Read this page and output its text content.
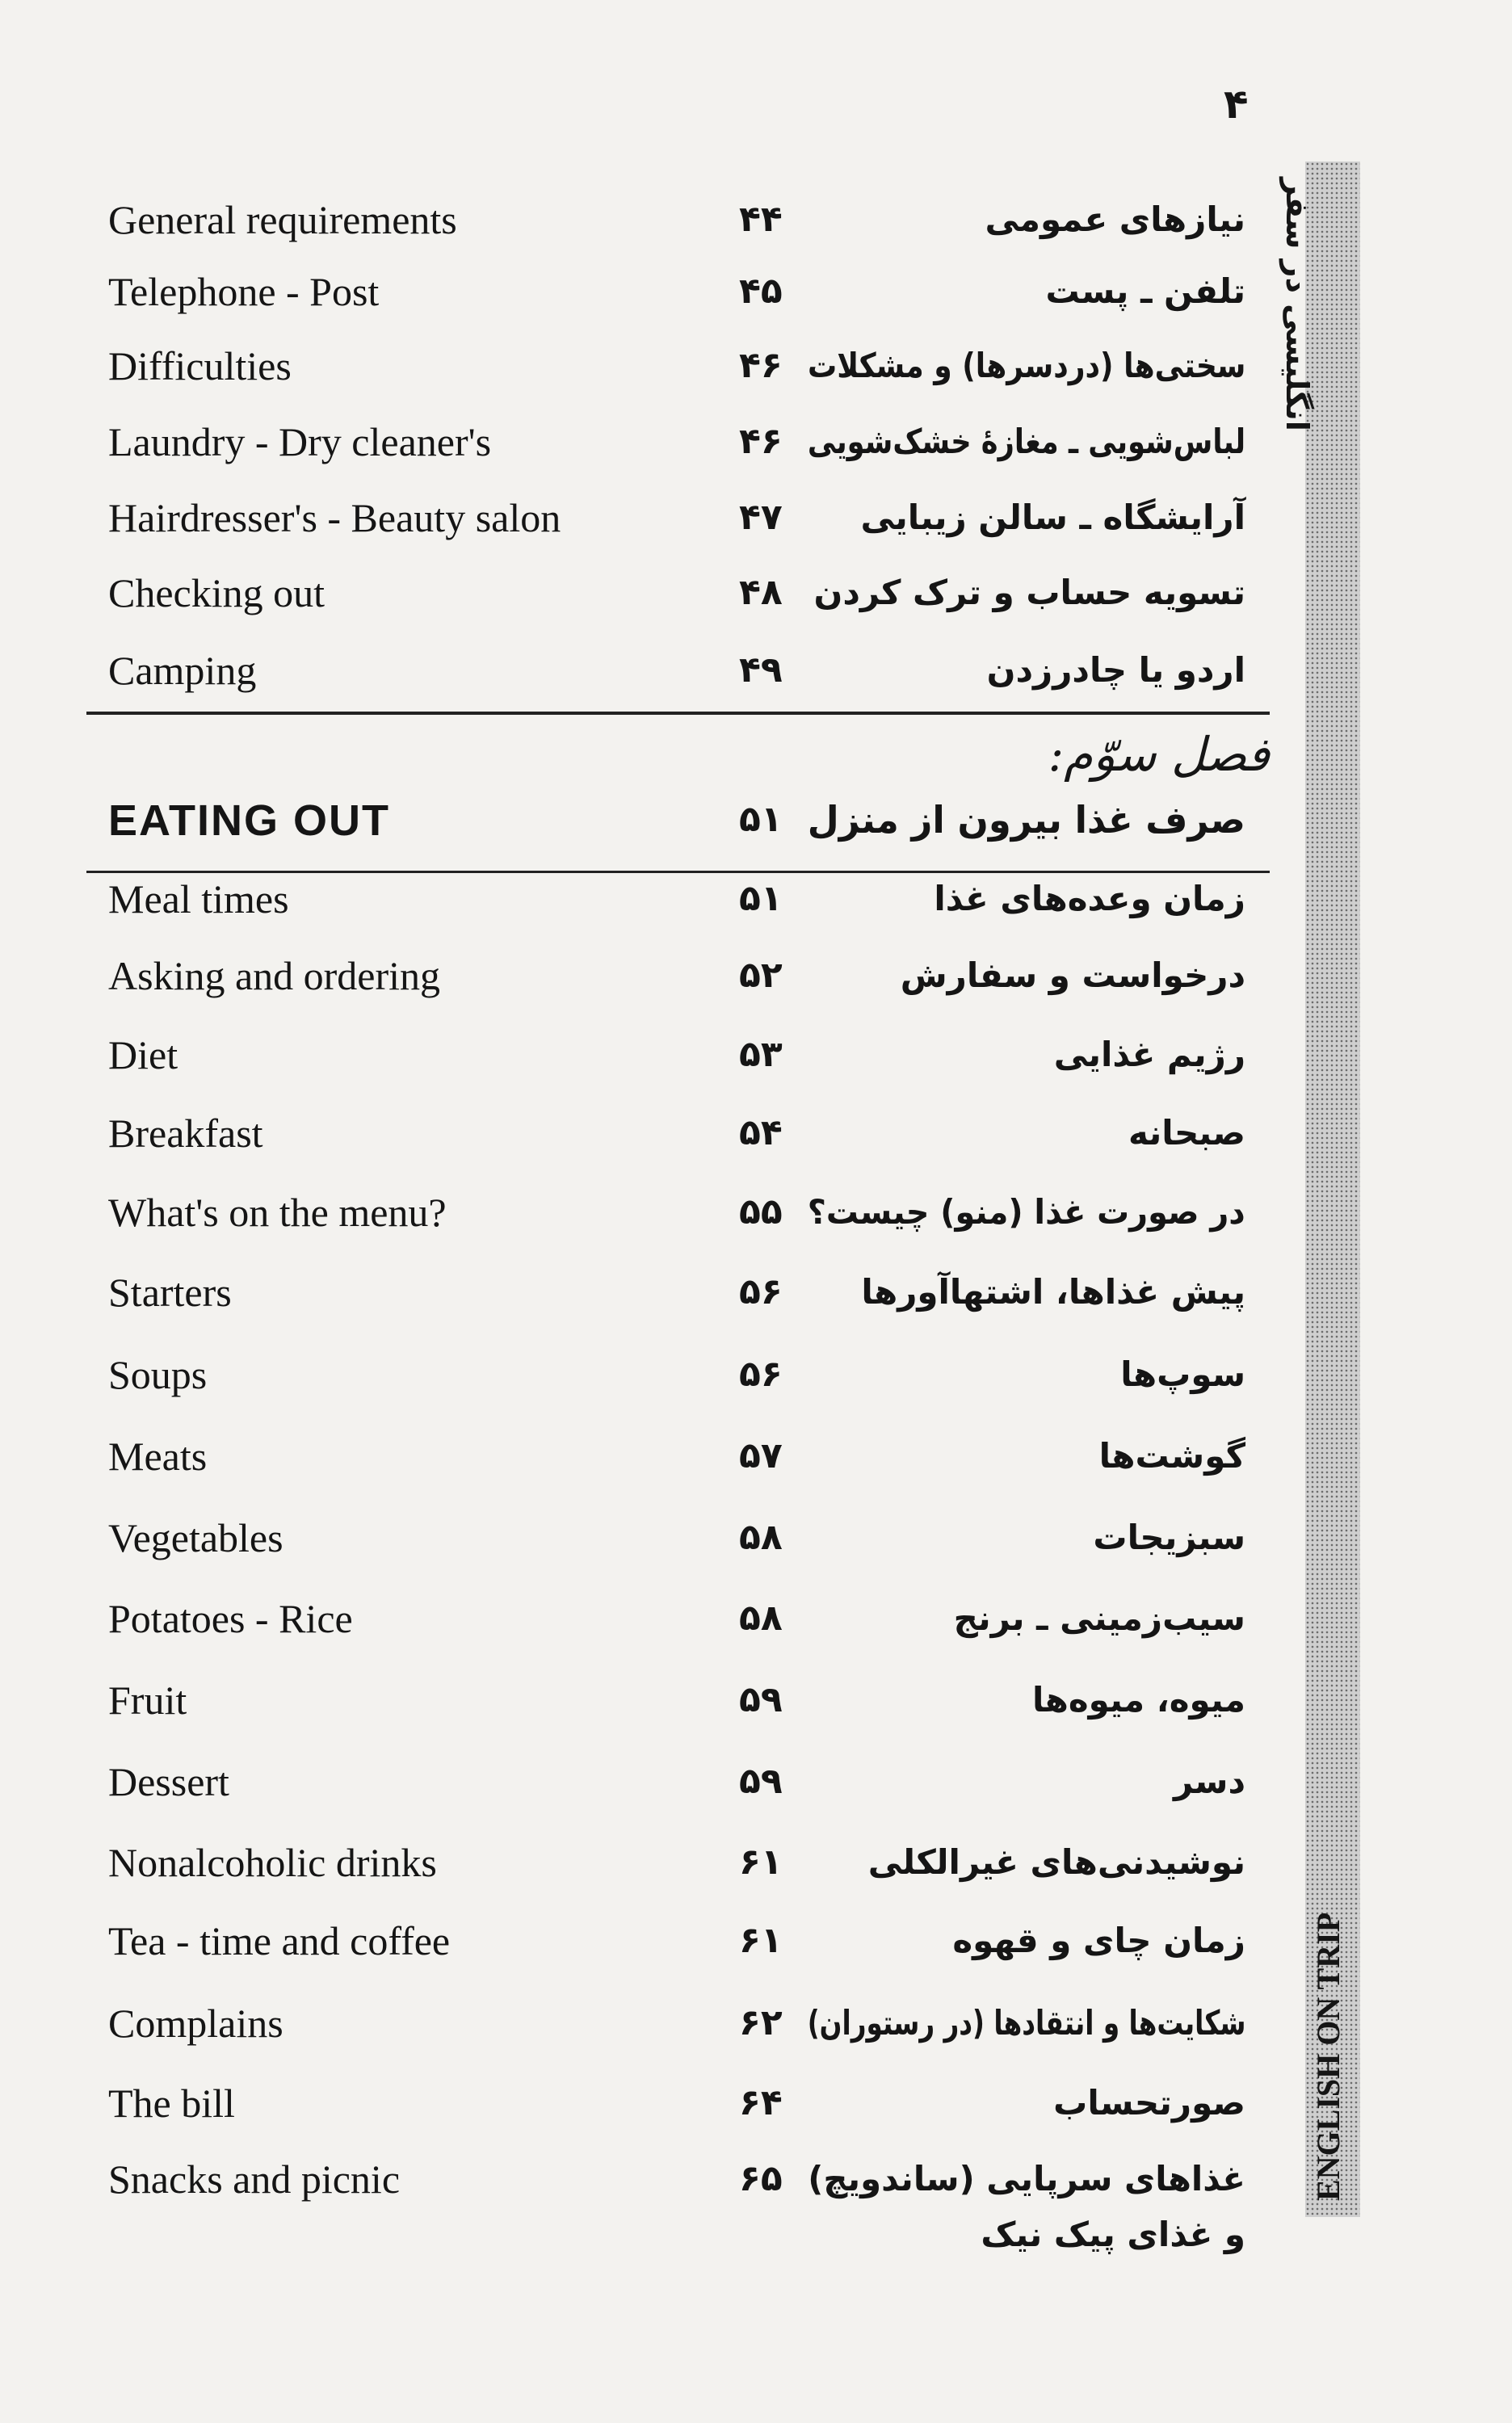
۴
General requirements	۴۴	نیازهای عمومی
Telephone - Post	۴۵	تلفن ـ پست
Difficulties	۴۶ سختی‌ها (دردسرها) و مشکلات
Laundry - Dry cleaner's	۴۶ لباس‌شویی ـ مغازهٔ خشک‌شویی
Hairdresser's - Beauty salon	۴۷ آرایشگاه ـ سالن زیبایی
Checking out	۴۸ تسویه حساب و ترک کردن
Camping	۴۹	اردو یا چادرزدن
فصل سوّم:
EATING OUT	۵۱ صرف غذا بیرون از منزل
Meal times	۵۱	زمان وعده‌های غذا
Asking and ordering	۵۲	درخواست و سفارش
Diet	۵۳	رژیم غذایی
Breakfast	۵۴	صبحانه
What's on the menu?	۵۵ در صورت غذا (منو) چیست؟
Starters	۵۶ پیش غذاها، اشتهاآورها
Soups	۵۶	سوپ‌ها
Meats	۵۷	گوشت‌ها
Vegetables	۵۸	سبزیجات
Potatoes - Rice	۵۸	سیب‌زمینی ـ برنج
Fruit	۵۹	میوه، میوه‌ها
Dessert	۵۹	دسر
Nonalcoholic drinks	۶۱	نوشیدنی‌های غیرالکلی
Tea - time and coffee	۶۱	زمان چای و قهوه
Complains	۶۲ شکایت‌ها و انتقادها (در رستوران)
The bill	۶۴	صورتحساب
Snacks and picnic	۶۵ غذاهای سرپایی (ساندویچ)
و غذای پیک نیک
انگلیسی در سفر
ENGLISH ON TRIP
